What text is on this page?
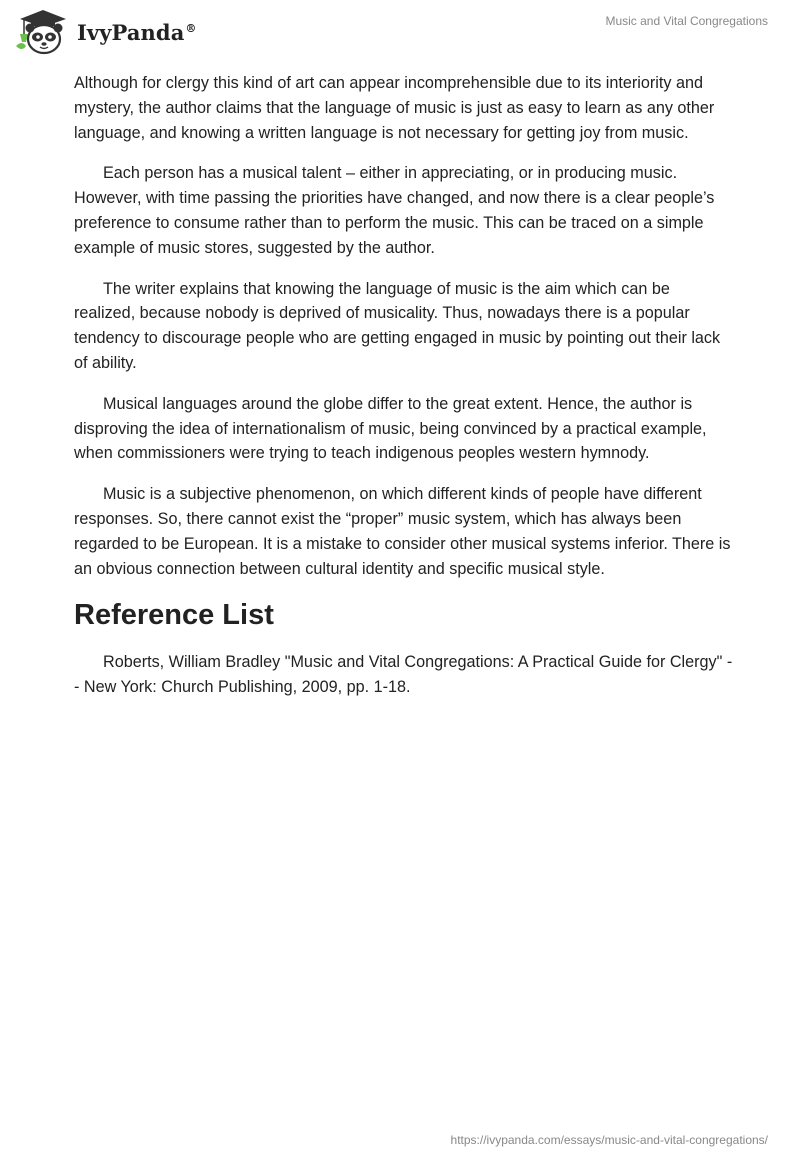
IvyPanda®	Music and Vital Congregations

Although for clergy this kind of art can appear incomprehensible due to its interiority and mystery, the author claims that the language of music is just as easy to learn as any other language, and knowing a written language is not necessary for getting joy from music.

Each person has a musical talent – either in appreciating, or in producing music. However, with time passing the priorities have changed, and now there is a clear people’s preference to consume rather than to perform the music. This can be traced on a simple example of music stores, suggested by the author.

The writer explains that knowing the language of music is the aim which can be realized, because nobody is deprived of musicality. Thus, nowadays there is a popular tendency to discourage people who are getting engaged in music by pointing out their lack of ability.

Musical languages around the globe differ to the great extent. Hence, the author is disproving the idea of internationalism of music, being convinced by a practical example, when commissioners were trying to teach indigenous peoples western hymnody.

Music is a subjective phenomenon, on which different kinds of people have different responses. So, there cannot exist the “proper” music system, which has always been regarded to be European. It is a mistake to consider other musical systems inferior. There is an obvious connection between cultural identity and specific musical style.

Reference List

Roberts, William Bradley "Music and Vital Congregations: A Practical Guide for Clergy" -- New York: Church Publishing, 2009, pp. 1-18.

https://ivypanda.com/essays/music-and-vital-congregations/
